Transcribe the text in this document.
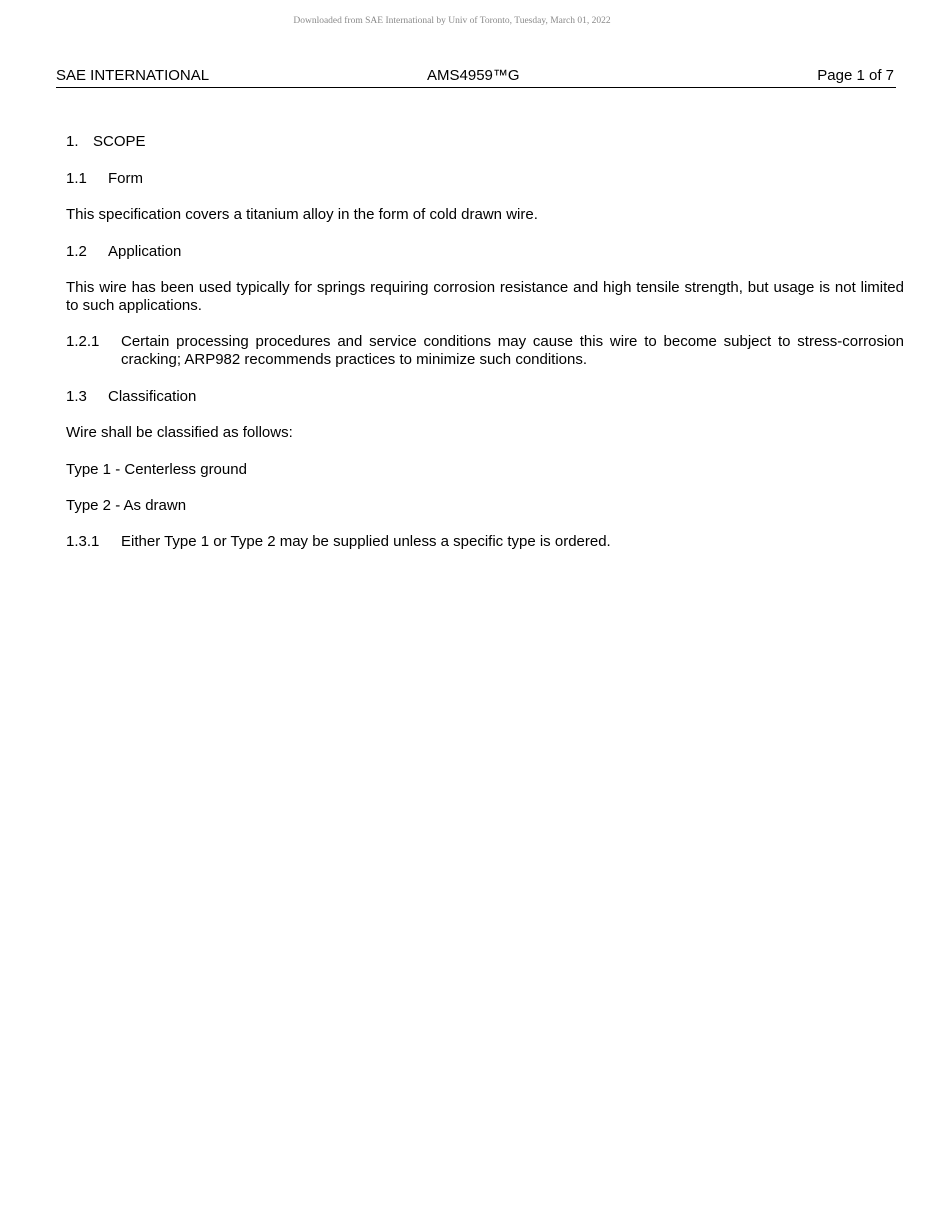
Downloaded from SAE International by Univ of Toronto, Tuesday, March 01, 2022
SAE INTERNATIONAL	AMS4959™G	Page 1 of 7
1. SCOPE
1.1 Form
This specification covers a titanium alloy in the form of cold drawn wire.
1.2 Application
This wire has been used typically for springs requiring corrosion resistance and high tensile strength, but usage is not limited to such applications.
1.2.1 Certain processing procedures and service conditions may cause this wire to become subject to stress-corrosion cracking; ARP982 recommends practices to minimize such conditions.
1.3 Classification
Wire shall be classified as follows:
Type 1 - Centerless ground
Type 2 - As drawn
1.3.1 Either Type 1 or Type 2 may be supplied unless a specific type is ordered.
